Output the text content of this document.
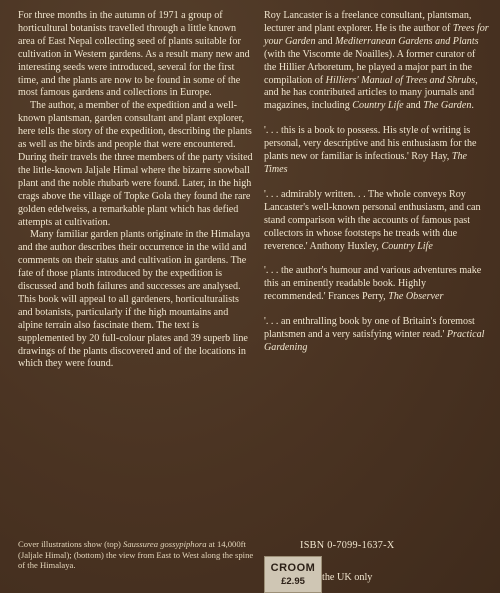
For three months in the autumn of 1971 a group of horticultural botanists travelled through a little known area of East Nepal collecting seed of plants suitable for cultivation in Western gardens. As a result many new and interesting seeds were introduced, several for the first time, and the plants are now to be found in some of the most famous gardens and collections in Europe.

The author, a member of the expedition and a well-known plantsman, garden consultant and plant explorer, here tells the story of the expedition, describing the plants as well as the birds and people that were encountered. During their travels the three members of the party visited the little-known Jaljale Himal where the bizarre snowball plant and the noble rhubarb were found. Later, in the high crags above the village of Topke Gola they found the rare golden edelweiss, a remarkable plant which has defied attempts at cultivation.

Many familiar garden plants originate in the Himalaya and the author describes their occurrence in the wild and comments on their status and cultivation in gardens. The fate of those plants introduced by the expedition is discussed and both failures and successes are analysed. This book will appeal to all gardeners, horticulturalists and botanists, particularly if the high mountains and alpine terrain also fascinate them. The text is supplemented by 20 full-colour plates and 39 superb line drawings of the plants discovered and of the locations in which they were found.

Cover illustrations show (top) Saussurea gossypiphora at 14,000ft (Jaljale Himal); (bottom) the view from East to West along the spine of the Himalaya.

Roy Lancaster is a freelance consultant, plantsman, lecturer and plant explorer. He is the author of Trees for your Garden and Mediterranean Gardens and Plants (with the Viscomte de Noailles). A former curator of the Hillier Arboretum, he played a major part in the compilation of Hilliers' Manual of Trees and Shrubs, and he has contributed articles to many journals and magazines, including Country Life and The Garden.

'. . . this is a book to possess. His style of writing is personal, very descriptive and his enthusiasm for the plants new or familiar is infectious.' Roy Hay, The Times

'. . . admirably written. . . The whole conveys Roy Lancaster's well-known personal enthusiasm, and can stand comparison with the accounts of famous past collectors in whose footsteps he treads with due reverence.' Anthony Huxley, Country Life

'. . . the author's humour and various adventures make this an eminently readable book. Highly recommended.' Frances Perry, The Observer

'. . . an enthralling book by one of Britain's foremost plantsmen and a very satisfying winter read.' Practical Gardening

ISBN 0-7099-1637-X
CROOM
£2.95	the UK only
